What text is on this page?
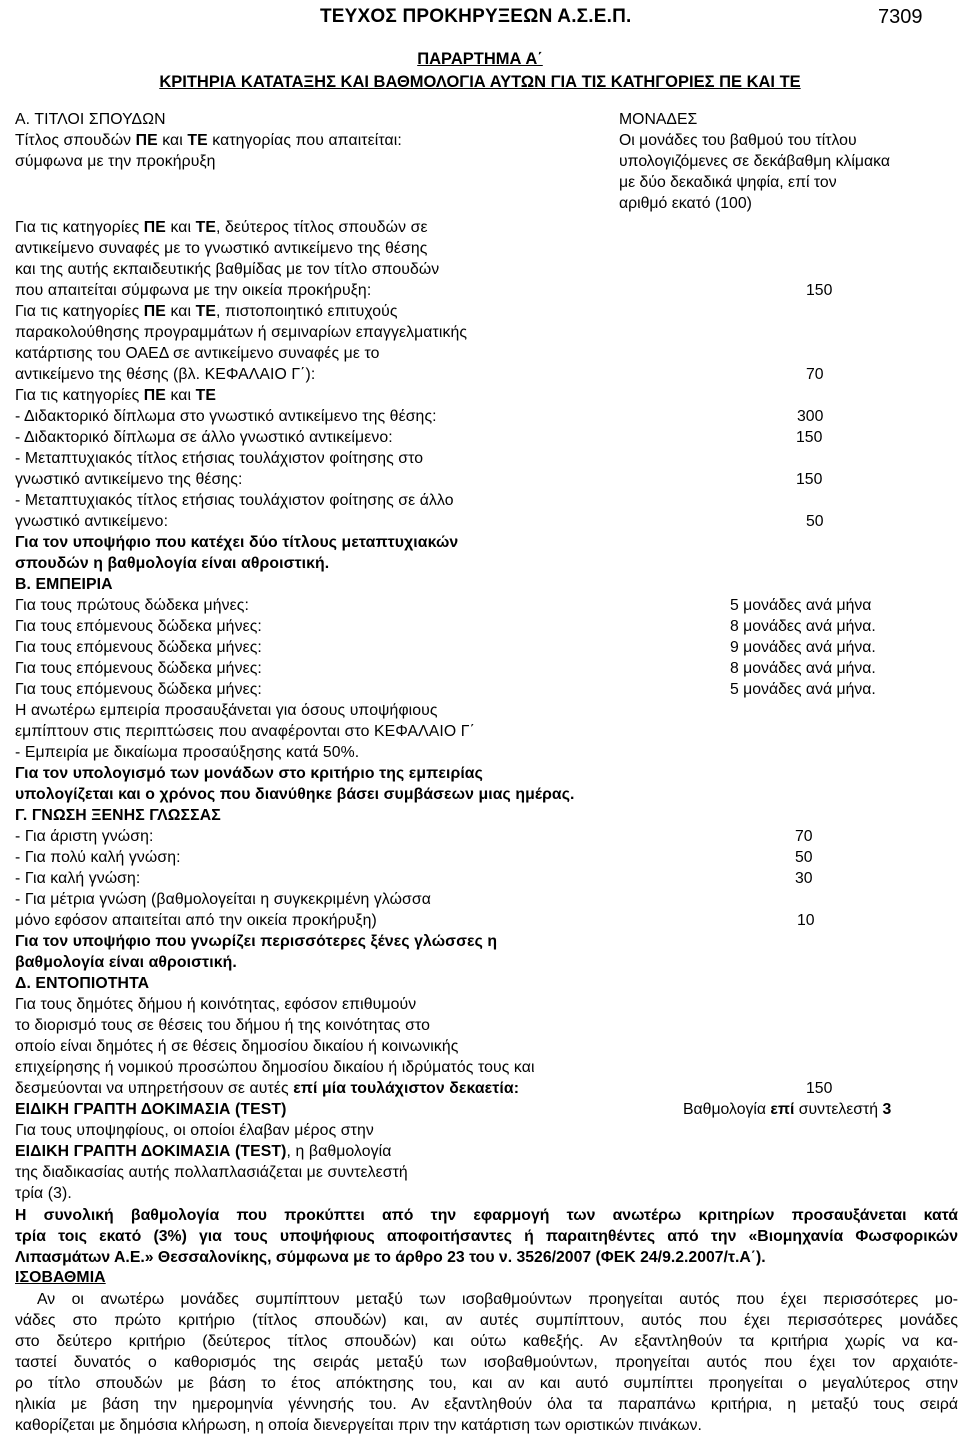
ΤΕΥΧΟΣ ΠΡΟΚΗΡΥΞΕΩΝ Α.Σ.Ε.Π.	7309
ΠΑΡΑΡΤΗΜΑ Α΄
ΚΡΙΤΗΡΙΑ ΚΑΤΑΤΑΞΗΣ ΚΑΙ ΒΑΘΜΟΛΟΓΙΑ ΑΥΤΩΝ ΓΙΑ ΤΙΣ ΚΑΤΗΓΟΡΙΕΣ ΠΕ ΚΑΙ ΤΕ
Α. ΤΙΤΛΟΙ ΣΠΟΥΔΩΝ	ΜΟΝΑΔΕΣ
Τίτλος σπουδών ΠΕ και ΤΕ κατηγορίας που απαιτείται:
σύμφωνα με την προκήρυξη
Οι μονάδες του βαθμού του τίτλου
υπολογιζόμενες σε δεκάβαθμη κλίμακα
με δύο δεκαδικά ψηφία, επί τον
αριθμό εκατό (100)
Για τις κατηγορίες ΠΕ και ΤΕ, δεύτερος τίτλος σπουδών σε
αντικείμενο συναφές με το γνωστικό αντικείμενο της θέσης
και της αυτής εκπαιδευτικής βαθμίδας με τον τίτλο σπουδών
που απαιτείται σύμφωνα με την οικεία προκήρυξη:	150
Για τις κατηγορίες ΠΕ και ΤΕ, πιστοποιητικό επιτυχούς
παρακολούθησης προγραμμάτων ή σεμιναρίων επαγγελματικής
κατάρτισης του ΟΑΕΔ σε αντικείμενο συναφές με το
αντικείμενο της θέσης (βλ. ΚΕΦΑΛΑΙΟ Γ΄):	70
Για τις κατηγορίες ΠΕ και ΤΕ
- Διδακτορικό δίπλωμα στο γνωστικό αντικείμενο της θέσης:	300
- Διδακτορικό δίπλωμα σε άλλο γνωστικό αντικείμενο:	150
- Μεταπτυχιακός τίτλος ετήσιας τουλάχιστον φοίτησης στο
γνωστικό αντικείμενο της θέσης:	150
- Μεταπτυχιακός τίτλος ετήσιας τουλάχιστον φοίτησης σε άλλο
γνωστικό αντικείμενο:	50
Για τον υποψήφιο που κατέχει δύο τίτλους μεταπτυχιακών
σπουδών η βαθμολογία είναι αθροιστική.
Β. ΕΜΠΕΙΡΙΑ
Για τους πρώτους δώδεκα μήνες:	5 μονάδες ανά μήνα
Για τους επόμενους δώδεκα μήνες:	8 μονάδες ανά μήνα.
Για τους επόμενους δώδεκα μήνες:	9 μονάδες ανά μήνα.
Για τους επόμενους δώδεκα μήνες:	8 μονάδες ανά μήνα.
Για τους επόμενους δώδεκα μήνες:	5 μονάδες ανά μήνα.
Η ανωτέρω εμπειρία προσαυξάνεται για όσους υποψήφιους
εμπίπτουν στις περιπτώσεις που αναφέρονται στο ΚΕΦΑΛΑΙΟ Γ΄
- Εμπειρία με δικαίωμα προσαύξησης κατά 50%.
Για τον υπολογισμό των μονάδων στο κριτήριο της εμπειρίας
υπολογίζεται και ο χρόνος που διανύθηκε βάσει συμβάσεων μιας ημέρας.
Γ. ΓΝΩΣΗ ΞΕΝΗΣ ΓΛΩΣΣΑΣ
- Για άριστη γνώση:	70
- Για πολύ καλή γνώση:	50
- Για καλή γνώση:	30
- Για μέτρια γνώση (βαθμολογείται η συγκεκριμένη γλώσσα
μόνο εφόσον απαιτείται από την οικεία προκήρυξη)	10
Για τον υποψήφιο που γνωρίζει περισσότερες ξένες γλώσσες η
βαθμολογία είναι αθροιστική.
Δ. ΕΝΤΟΠΙΟΤΗΤΑ
Για τους δημότες δήμου ή κοινότητας, εφόσον επιθυμούν
το διορισμό τους σε θέσεις του δήμου ή της κοινότητας στο
οποίο είναι δημότες ή σε θέσεις δημοσίου δικαίου ή κοινωνικής
επιχείρησης ή νομικού προσώπου δημοσίου δικαίου ή ιδρύματός τους και
δεσμεύονται να υπηρετήσουν σε αυτές επί μία τουλάχιστον δεκαετία:	150
ΕΙΔΙΚΗ ΓΡΑΠΤΗ ΔΟΚΙΜΑΣΙΑ (TEST)	Βαθμολογία επί συντελεστή 3
Για τους υποψηφίους, οι οποίοι έλαβαν μέρος στην
ΕΙΔΙΚΗ ΓΡΑΠΤΗ ΔΟΚΙΜΑΣΙΑ (TEST), η βαθμολογία
της διαδικασίας αυτής πολλαπλασιάζεται με συντελεστή
τρία (3).
Η συνολική βαθμολογία που προκύπτει από την εφαρμογή των ανωτέρω κριτηρίων προσαυξάνεται κατά
τρία τοις εκατό (3%) για τους υποψήφιους αποφοιτήσαντες ή παραιτηθέντες από την «Βιομηχανία Φωσφορικών
Λιπασμάτων Α.Ε.» Θεσσαλονίκης, σύμφωνα με το άρθρο 23 του ν. 3526/2007 (ΦΕΚ 24/9.2.2007/τ.Α΄).
ΙΣΟΒΑΘΜΙΑ
Αν οι ανωτέρω μονάδες συμπίπτουν μεταξύ των ισοβαθμούντων προηγείται αυτός που έχει περισσότερες μο-
νάδες στο πρώτο κριτήριο (τίτλος σπουδών) και, αν αυτές συμπίπτουν, αυτός που έχει περισσότερες μονάδες
στο δεύτερο κριτήριο (δεύτερος τίτλος σπουδών) και ούτω καθεξής. Αν εξαντληθούν τα κριτήρια χωρίς να κα-
ταστεί δυνατός ο καθορισμός της σειράς μεταξύ των ισοβαθμούντων, προηγείται αυτός που έχει τον αρχαιότε-
ρο τίτλο σπουδών με βάση το έτος απόκτησης του, και αν και αυτό συμπίπτει προηγείται ο μεγαλύτερος στην
ηλικία με βάση την ημερομηνία γέννησής του. Αν εξαντληθούν όλα τα παραπάνω κριτήρια, η μεταξύ τους σειρά
καθορίζεται με δημόσια κλήρωση, η οποία διενεργείται πριν την κατάρτιση των οριστικών πινάκων.
